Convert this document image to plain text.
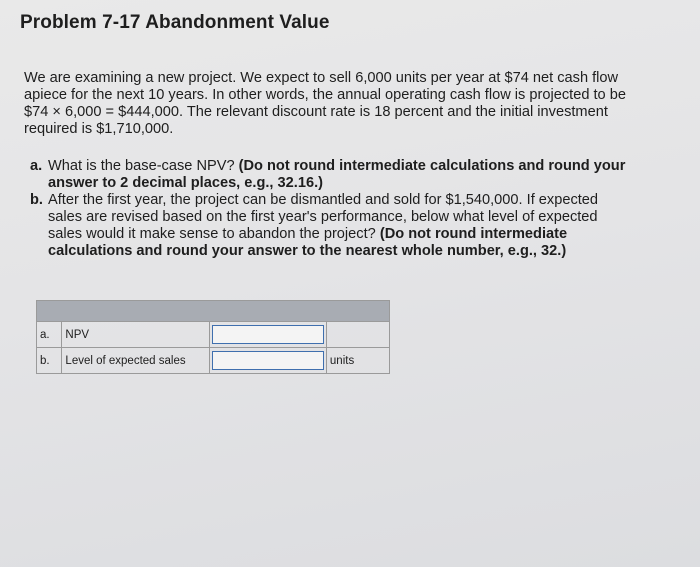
Problem 7-17 Abandonment Value
We are examining a new project. We expect to sell 6,000 units per year at $74 net cash flow apiece for the next 10 years. In other words, the annual operating cash flow is projected to be $74 × 6,000 = $444,000. The relevant discount rate is 18 percent and the initial investment required is $1,710,000.
a. What is the base-case NPV? (Do not round intermediate calculations and round your answer to 2 decimal places, e.g., 32.16.)
b. After the first year, the project can be dismantled and sold for $1,540,000. If expected sales are revised based on the first year's performance, below what level of expected sales would it make sense to abandon the project? (Do not round intermediate calculations and round your answer to the nearest whole number, e.g., 32.)

a.	NPV	

b.	Level of expected sales		units
